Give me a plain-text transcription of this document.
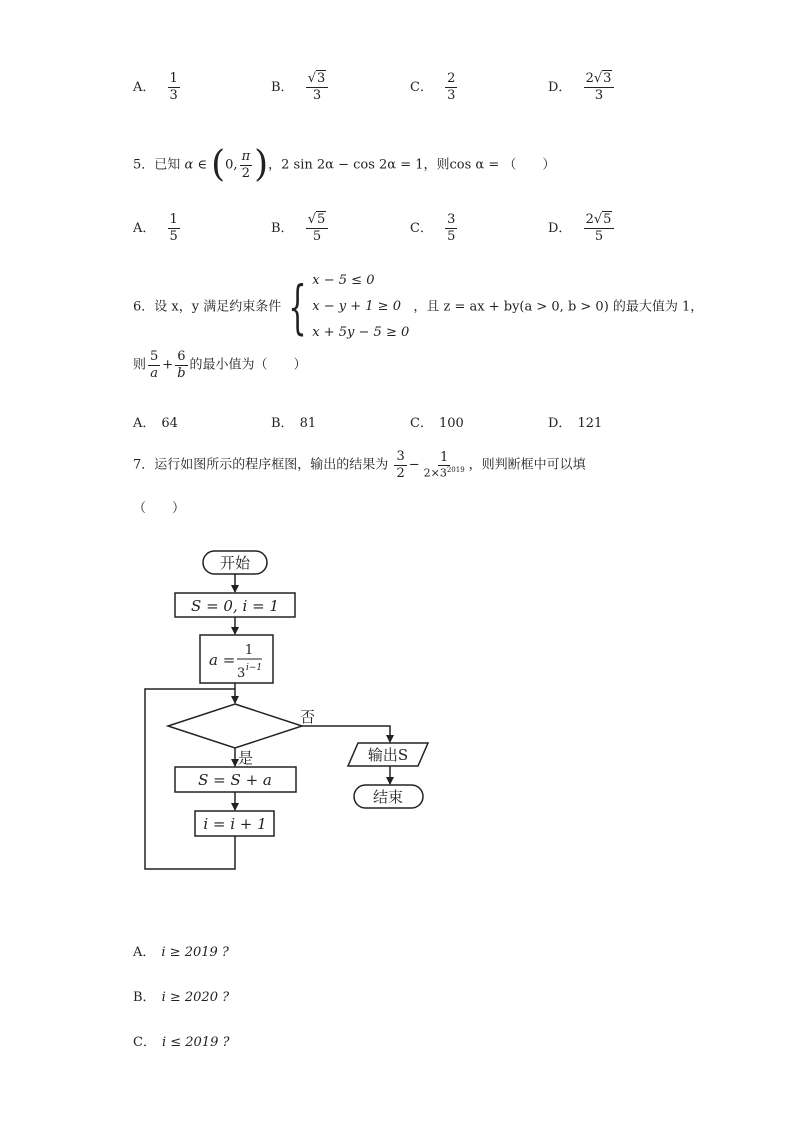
A． $\frac{1}{3}$	B． $\frac{√3}{3}$	C． $\frac{2}{3}$	D． $\frac{2√3}{3}$
5．已知 α ∈ (0, $\frac{\pi}{2}$ )，2 sin 2α − cos 2α = 1，则cos α = （　　）
A． $\frac{1}{5}$	B． $\frac{√5}{5}$	C． $\frac{3}{5}$	D． $\frac{2√5}{5}$
6．设 x，y 满足约束条件 { x − 5 ≤ 0
x − y + 1 ≥ 0
x + 5y − 5 ≥ 0
，且 z = ax + by(a > 0, b > 0) 的最大值为 1，
则 $\frac{5}{a} + \frac{6}{b}$ 的最小值为（　　）
A． 64	B． 81	C． 100	D． 121
7．运行如图所示的程序框图，输出的结果为 $\frac{3}{2} - \frac{1}{2\times 3^{2019}}$ ，则判断框中可以填
（　　）
开始
S = 0, i = 1
a =
1
3 i−1
否
是
S = S + a
i = i + 1
输出S
结束
A． i ≥ 2019 ?
B． i ≥ 2020 ?
C． i ≤ 2019 ?
